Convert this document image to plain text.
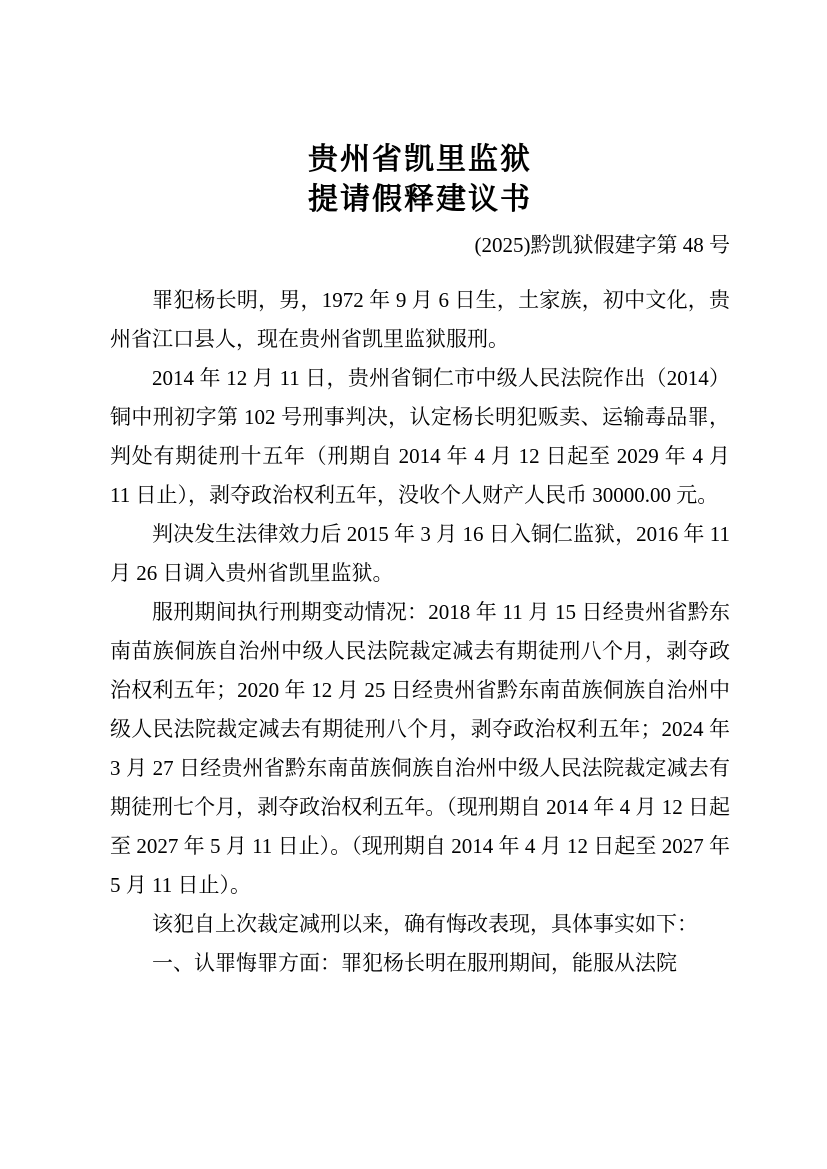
贵州省凯里监狱
提请假释建议书
(2025)黔凯狱假建字第 48 号

罪犯杨长明，男，1972 年 9 月 6 日生，土家族，初中文化，贵州省江口县人，现在贵州省凯里监狱服刑。

2014 年 12 月 11 日，贵州省铜仁市中级人民法院作出（2014）铜中刑初字第 102 号刑事判决，认定杨长明犯贩卖、运输毒品罪，判处有期徒刑十五年（刑期自 2014 年 4 月 12 日起至 2029 年 4 月 11 日止），剥夺政治权利五年，没收个人财产人民币 30000.00 元。

判决发生法律效力后 2015 年 3 月 16 日入铜仁监狱，2016 年 11 月 26 日调入贵州省凯里监狱。

服刑期间执行刑期变动情况：2018 年 11 月 15 日经贵州省黔东南苗族侗族自治州中级人民法院裁定减去有期徒刑八个月，剥夺政治权利五年；2020 年 12 月 25 日经贵州省黔东南苗族侗族自治州中级人民法院裁定减去有期徒刑八个月，剥夺政治权利五年；2024 年 3 月 27 日经贵州省黔东南苗族侗族自治州中级人民法院裁定减去有期徒刑七个月，剥夺政治权利五年。（现刑期自 2014 年 4 月 12 日起至 2027 年 5 月 11 日止）。（现刑期自 2014 年 4 月 12 日起至 2027 年 5 月 11 日止）。

该犯自上次裁定减刑以来，确有悔改表现，具体事实如下：

一、认罪悔罪方面：罪犯杨长明在服刑期间，能服从法院
